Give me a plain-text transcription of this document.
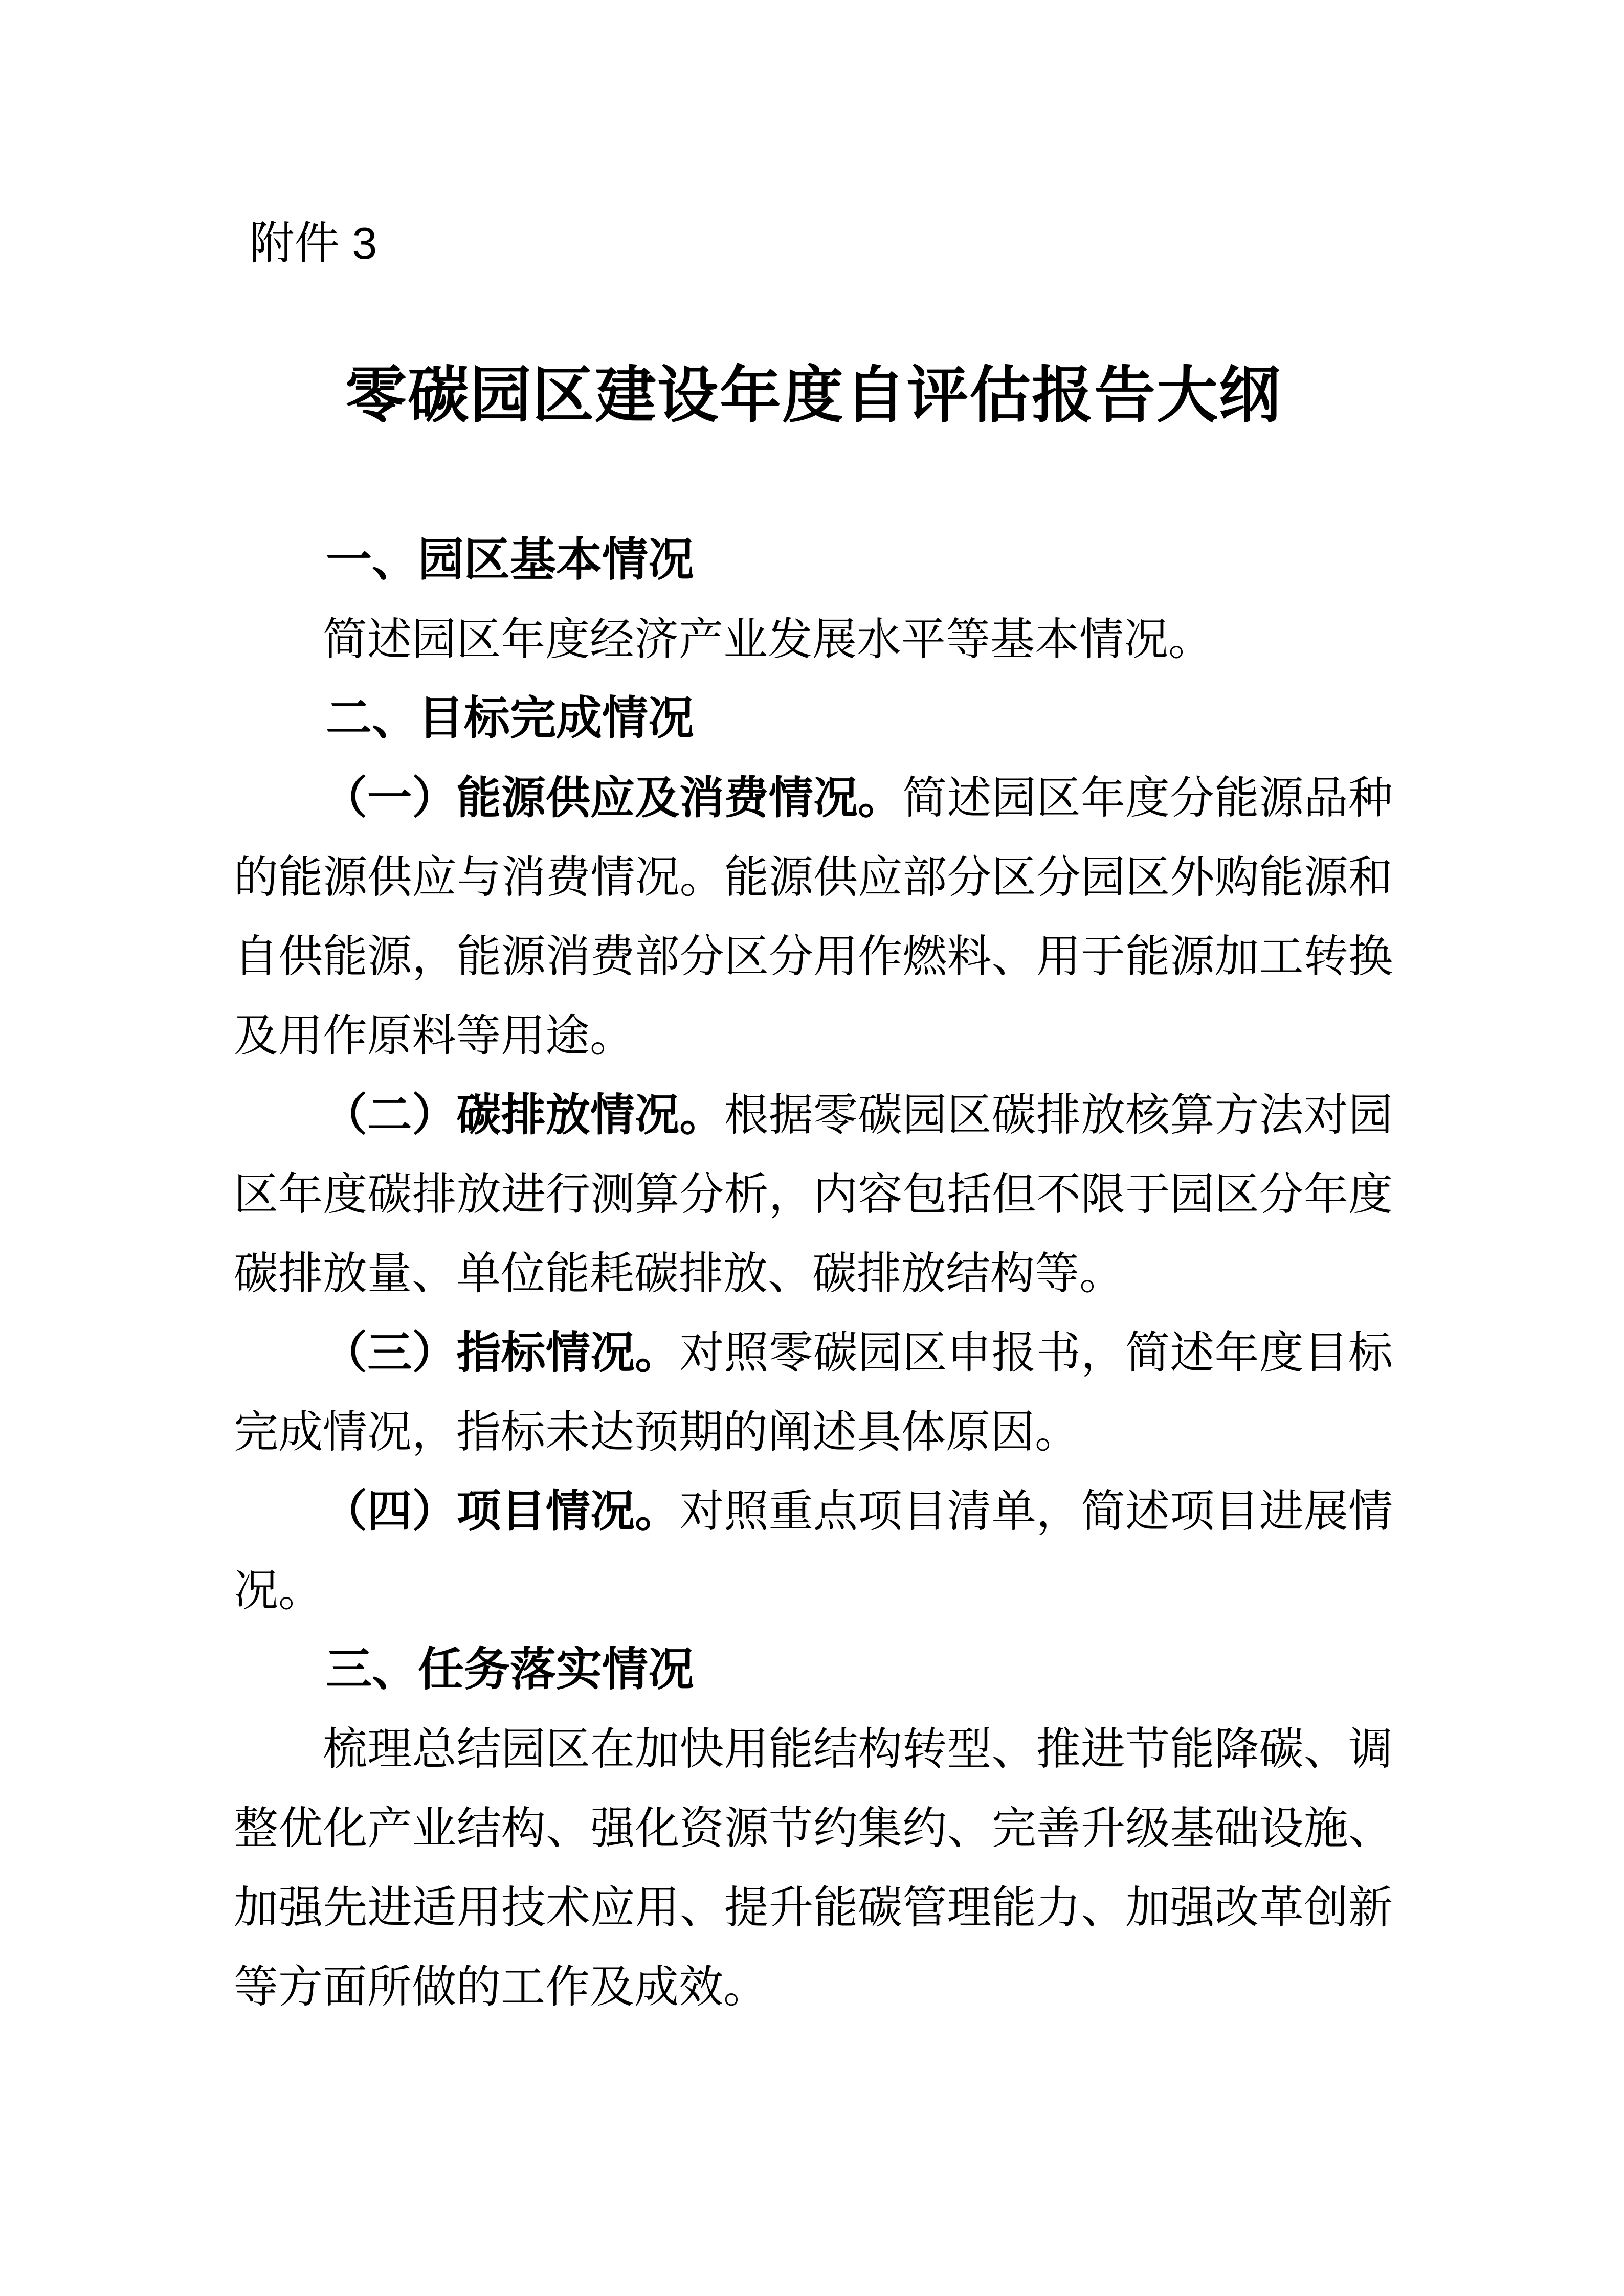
附件 3

零碳园区建设年度自评估报告大纲
一、园区基本情况

简述园区年度经济产业发展水平等基本情况。

二、目标完成情况

（一）能源供应及消费情况。简述园区年度分能源品种的能源供应与消费情况。能源供应部分区分园区外购能源和自供能源，能源消费部分区分用作燃料、用于能源加工转换及用作原料等用途。

（二）碳排放情况。根据零碳园区碳排放核算方法对园区年度碳排放进行测算分析，内容包括但不限于园区分年度碳排放量、单位能耗碳排放、碳排放结构等。

（三）指标情况。对照零碳园区申报书，简述年度目标完成情况，指标未达预期的阐述具体原因。

（四）项目情况。对照重点项目清单，简述项目进展情况。

三、任务落实情况

梳理总结园区在加快用能结构转型、推进节能降碳、调整优化产业结构、强化资源节约集约、完善升级基础设施、加强先进适用技术应用、提升能碳管理能力、加强改革创新等方面所做的工作及成效。
